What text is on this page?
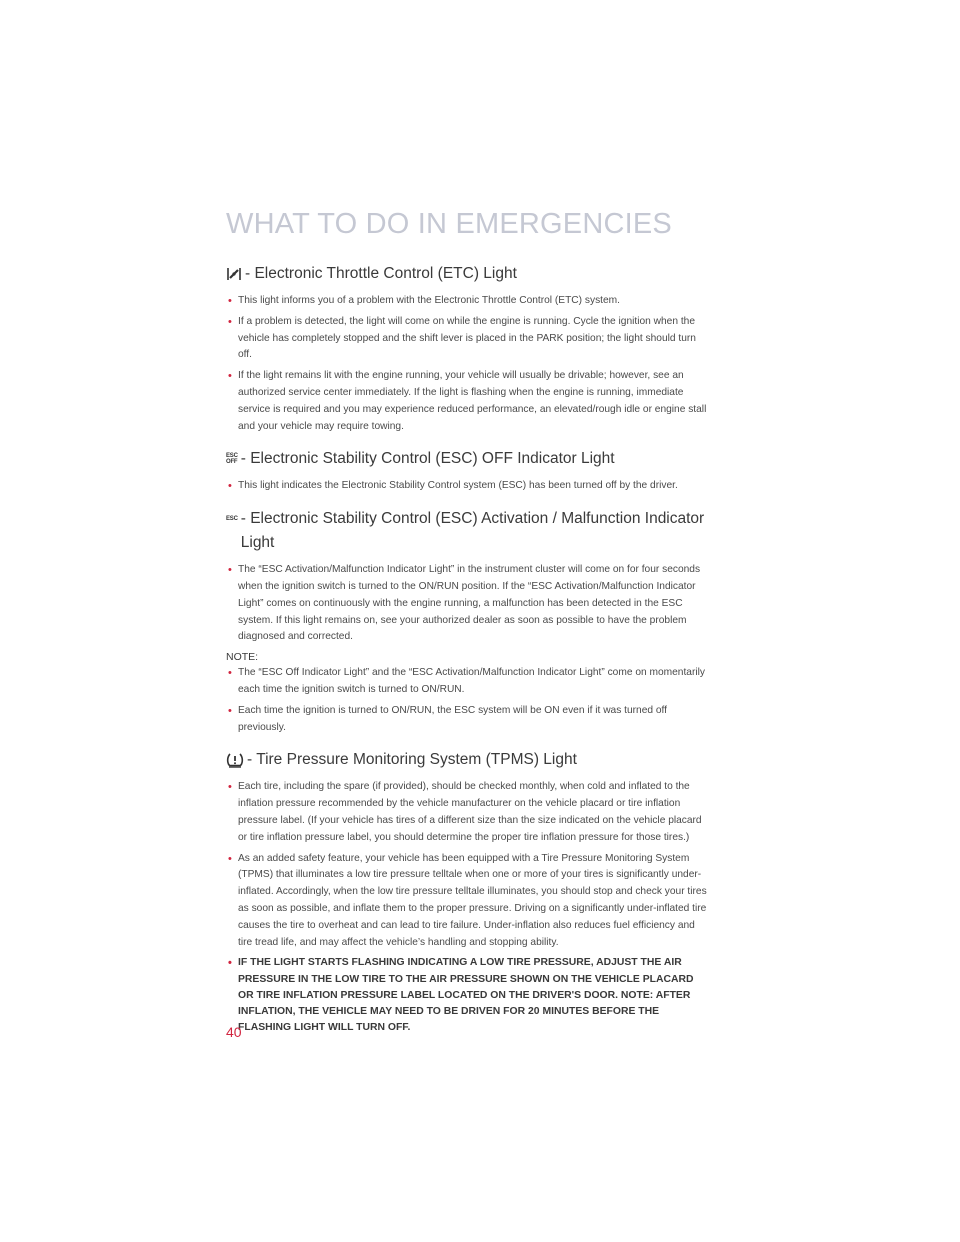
WHAT TO DO IN EMERGENCIES
- Electronic Throttle Control (ETC) Light
• This light informs you of a problem with the Electronic Throttle Control (ETC) system.
• If a problem is detected, the light will come on while the engine is running. Cycle the ignition when the vehicle has completely stopped and the shift lever is placed in the PARK position; the light should turn off.
• If the light remains lit with the engine running, your vehicle will usually be drivable; however, see an authorized service center immediately. If the light is flashing when the engine is running, immediate service is required and you may experience reduced performance, an elevated/rough idle or engine stall and your vehicle may require towing.
ESC
OFF - Electronic Stability Control (ESC) OFF Indicator Light
• This light indicates the Electronic Stability Control system (ESC) has been turned off by the driver.
ESC - Electronic Stability Control (ESC) Activation / Malfunction Indicator Light
• The “ESC Activation/Malfunction Indicator Light” in the instrument cluster will come on for four seconds when the ignition switch is turned to the ON/RUN position. If the “ESC Activation/Malfunction Indicator Light” comes on continuously with the engine running, a malfunction has been detected in the ESC system. If this light remains on, see your authorized dealer as soon as possible to have the problem diagnosed and corrected.
NOTE:
• The “ESC Off Indicator Light” and the “ESC Activation/Malfunction Indicator Light” come on momentarily each time the ignition switch is turned to ON/RUN.
• Each time the ignition is turned to ON/RUN, the ESC system will be ON even if it was turned off previously.
- Tire Pressure Monitoring System (TPMS) Light
• Each tire, including the spare (if provided), should be checked monthly, when cold and inflated to the inflation pressure recommended by the vehicle manufacturer on the vehicle placard or tire inflation pressure label. (If your vehicle has tires of a different size than the size indicated on the vehicle placard or tire inflation pressure label, you should determine the proper tire inflation pressure for those tires.)
• As an added safety feature, your vehicle has been equipped with a Tire Pressure Monitoring System (TPMS) that illuminates a low tire pressure telltale when one or more of your tires is significantly under-inflated. Accordingly, when the low tire pressure telltale illuminates, you should stop and check your tires as soon as possible, and inflate them to the proper pressure. Driving on a significantly under-inflated tire causes the tire to overheat and can lead to tire failure. Under-inflation also reduces fuel efficiency and tire tread life, and may affect the vehicle’s handling and stopping ability.
• IF THE LIGHT STARTS FLASHING INDICATING A LOW TIRE PRESSURE, ADJUST THE AIR PRESSURE IN THE LOW TIRE TO THE AIR PRESSURE SHOWN ON THE VEHICLE PLACARD OR TIRE INFLATION PRESSURE LABEL LOCATED ON THE DRIVER'S DOOR. NOTE: AFTER INFLATION, THE VEHICLE MAY NEED TO BE DRIVEN FOR 20 MINUTES BEFORE THE FLASHING LIGHT WILL TURN OFF.
40
